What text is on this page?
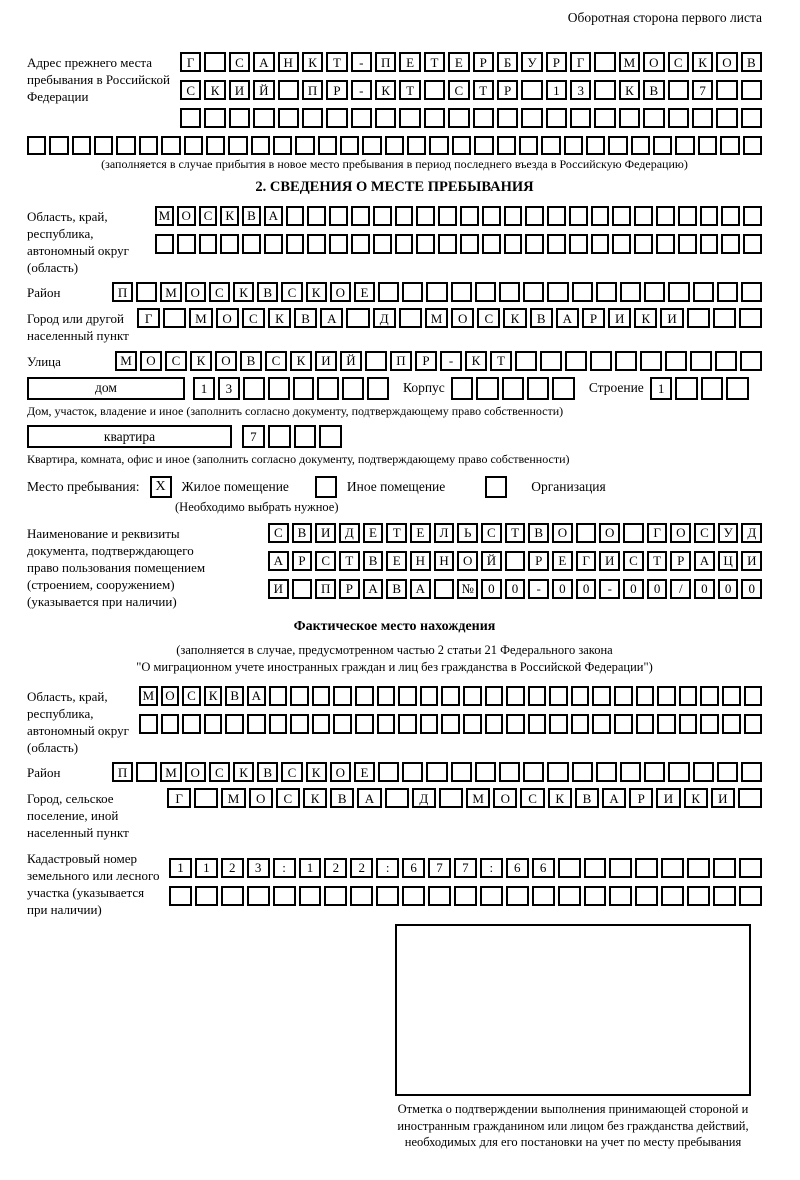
Оборотная сторона первого листа
Адрес прежнего места пребывания в Российской Федерации
Г	С	А	Н	К	Т	-	П	Е	Т	Е	Р	Б	У	Р	Г	М	О	С	К	О	В
С	К	И	Й	П	Р	-	К	Т	С	Т	Р	1	3	К	В	7
(заполняется в случае прибытия в новое место пребывания в период последнего въезда в Российскую Федерацию)
2. СВЕДЕНИЯ О МЕСТЕ ПРЕБЫВАНИЯ
Область, край, республика, автономный округ (область)
М О С	К	В А
Район	П	М	О	С	К	В	С	К	О	Е
Город или другой населенный пункт
Г	М	О	С	К	В	А	Д	М	О	С	К	В	А	Р	И	К	И
Улица	М	О	С	К	О	В	С	К	И	Й	П	Р	-	К	Т
дом	1	3	Корпус	Строение	1
Дом, участок, владение и иное (заполнить согласно документу, подтверждающему право собственности)
квартира	7
Квартира, комната, офис и иное (заполнить согласно документу, подтверждающему право собственности)
Место пребывания:	X	Жилое помещение	Иное помещение	Организация
(Необходимо выбрать нужное)
Наименование и реквизиты документа, подтверждающего право пользования помещением (строением, сооружением) (указывается при наличии)
С	В	И	Д	Е	Т	Е	Л	Ь	С	Т	В	О	О	Г	О	С	У	Д
А	Р	С	Т	В	Е	Н	Н	О	Й	Р	Е	Г	И	С	Т	Р	А	Ц	И
И	П	Р	А	В	А	№	0	0	-	0	0	-	0	0	/	0	0	0
Фактическое место нахождения
(заполняется в случае, предусмотренном частью 2 статьи 21 Федерального закона
"О миграционном учете иностранных граждан и лиц без гражданства в Российской Федерации")
Область, край, республика, автономный округ (область)
М О С К В А
Район	П	М	О	С	К	В	С	К	О	Е
Город, сельское поселение, иной населенный пункт
Г	М	О	С	К	В	А	Д	М	О	С	К	В	А	Р	И	К	И
Кадастровый номер земельного или лесного участка (указывается при наличии)
1	1	2	3	:	1	2	2	:	6	7	7	:	6	6
Отметка о подтверждении выполнения принимающей стороной и иностранным гражданином или лицом без гражданства действий, необходимых для его постановки на учет по месту пребывания
